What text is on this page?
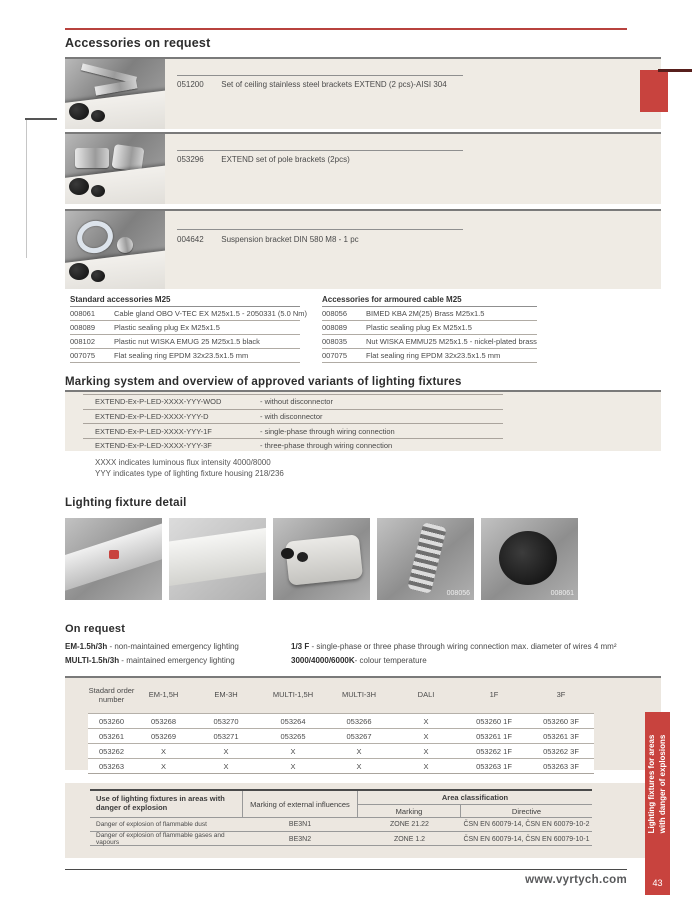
Accessories on request
051200 Set of ceiling stainless steel brackets EXTEND (2 pcs)-AISI 304
053296 EXTEND set of pole brackets (2pcs)
004642 Suspension bracket DIN 580 M8 - 1 pc
Standard accessories M25
008061	Cable gland OBO V-TEC EX M25x1.5 - 2050331 (5.0 Nm)
008089	Plastic sealing plug Ex M25x1.5
008102	Plastic nut WISKA EMUG 25 M25x1.5 black
007075	Flat sealing ring EPDM 32x23.5x1.5 mm
Accessories for armoured cable M25
008056	BIMED KBA 2M(25) Brass M25x1.5
008089	Plastic sealing plug Ex M25x1.5
008035	Nut WISKA EMMU25 M25x1.5 - nickel-plated brass
007075	Flat sealing ring EPDM 32x23.5x1.5 mm
Marking system and overview of approved variants of lighting fixtures
EXTEND-Ex-P-LED-XXXX-YYY-WOD	- without disconnector
EXTEND-Ex-P-LED-XXXX-YYY-D	- with disconnector
EXTEND-Ex-P-LED-XXXX-YYY-1F	- single-phase through wiring connection
EXTEND-Ex-P-LED-XXXX-YYY-3F	- three-phase through wiring connection
XXXX indicates luminous flux intensity 4000/8000
YYY indicates type of lighting fixture housing 218/236
Lighting fixture detail
008056	008061
On request
EM-1.5h/3h - non-maintained emergency lighting
MULTI-1.5h/3h - maintained emergency lighting
1/3 F - single-phase or three phase through wiring connection max. diameter of wires 4 mm²
3000/4000/6000K- colour temperature
Stadard order number	EM-1,5H	EM-3H	MULTI-1,5H	MULTI-3H	DALI	1F	3F
053260	053268	053270	053264	053266	X	053260 1F	053260 3F
053261	053269	053271	053265	053267	X	053261 1F	053261 3F
053262	X	X	X	X	X	053262 1F	053262 3F
053263	X	X	X	X	X	053263 1F	053263 3F
Use of lighting fixtures in areas with danger of explosion	Marking of external influences
Area classification
Marking	Directive
Danger of explosion of flammable dust	BE3N1	ZONE 21.22	ČSN EN 60079-14, ČSN EN 60079-10-2
Danger of explosion of flammable gases and vapours	BE3N2	ZONE 1.2	ČSN EN 60079-14, ČSN EN 60079-10-1
www.vyrtych.com
Lighting fixtures for areas with danger of explosions
43
